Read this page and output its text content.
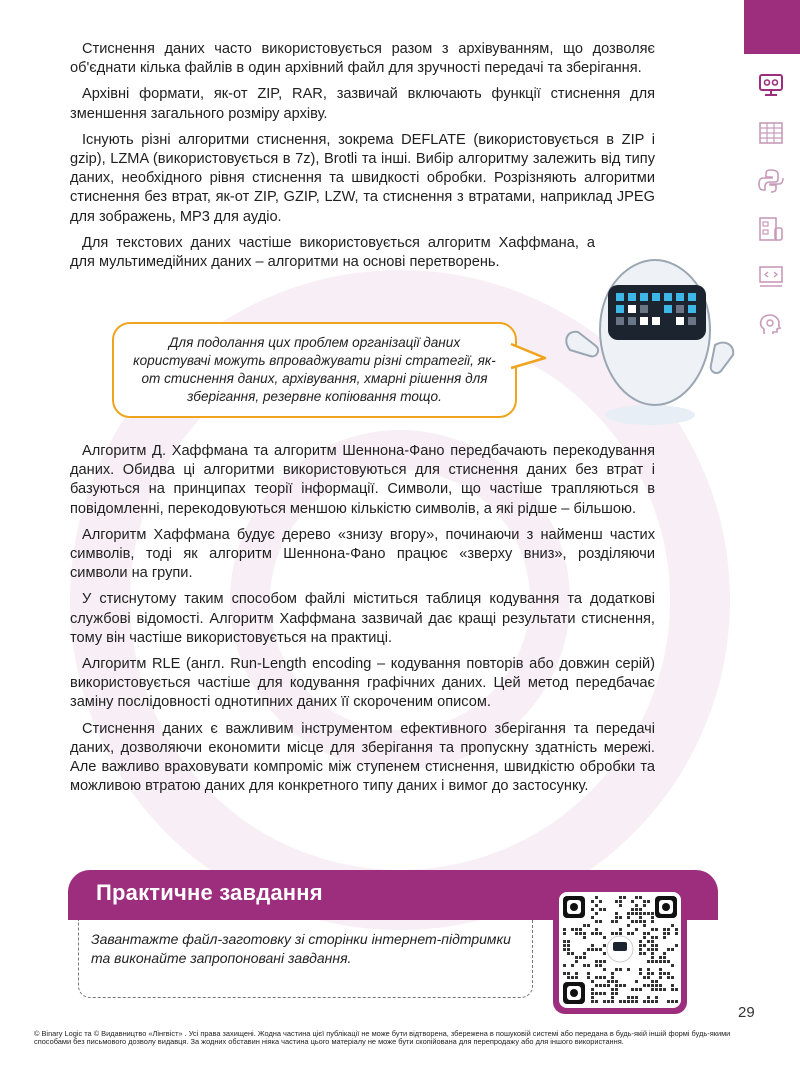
Стиснення даних часто використовується разом з архівуванням, що дозволяє об'єднати кілька файлів в один архівний файл для зручності передачі та зберігання.

Архівні формати, як-от ZIP, RAR, зазвичай включають функції стиснення для зменшення загального розміру архіву.

Існують різні алгоритми стиснення, зокрема DEFLATE (використовується в ZIP і gzip), LZMA (використовується в 7z), Brotli та інші. Вибір алгоритму залежить від типу даних, необхідного рівня стиснення та швидкості обробки. Розрізняють алгоритми стиснення без втрат, як-от ZIP, GZIP, LZW, та стиснення з втратами, наприклад JPEG для зображень, MP3 для аудіо.

Для текстових даних частіше використовується алгоритм Хаффмана, а для мультимедійних даних – алгоритми на основі перетворень.

Для подолання цих проблем організації даних користувачі можуть впроваджувати різні стратегії, як-от стиснення даних, архівування, хмарні рішення для зберігання, резервне копіювання тощо.

Алгоритм Д. Хаффмана та алгоритм Шеннона-Фано передбачають перекодування даних. Обидва ці алгоритми використовуються для стиснення даних без втрат і базуються на принципах теорії інформації. Символи, що частіше трапляються в повідомленні, перекодовуються меншою кількістю символів, а які рідше – більшою.

Алгоритм Хаффмана будує дерево «знизу вгору», починаючи з найменш частих символів, тоді як алгоритм Шеннона-Фано працює «зверху вниз», розділяючи символи на групи.

У стиснутому таким способом файлі міститься таблиця кодування та додаткові службові відомості. Алгоритм Хаффмана зазвичай дає кращі результати стиснення, тому він частіше використовується на практиці.

Алгоритм RLE (англ. Run-Length encoding – кодування повторів або довжин серій) використовується частіше для кодування графічних даних. Цей метод передбачає заміну послідовності однотипних даних її скороченим описом.

Стиснення даних є важливим інструментом ефективного зберігання та передачі даних, дозволяючи економити місце для зберігання та пропускну здатність мережі. Але важливо враховувати компроміс між ступенем стиснення, швидкістю обробки та можливою втратою даних для конкретного типу даних і вимог до застосунку.

Практичне завдання
Завантажте файл-заготовку зі сторінки інтернет-підтримки та виконайте запропоновані завдання.
29
© Binary Logic та © Видавництво «Лінгвіст» . Усі права захищені. Жодна частина цієї публікації не може бути відтворена, збережена в пошуковій системі або передана в будь-якій іншій формі будь-якими способами без письмового дозволу видавця. За жодних обставин ніяка частина цього матеріалу не може бути скопійована для перепродажу або для іншого використання.
